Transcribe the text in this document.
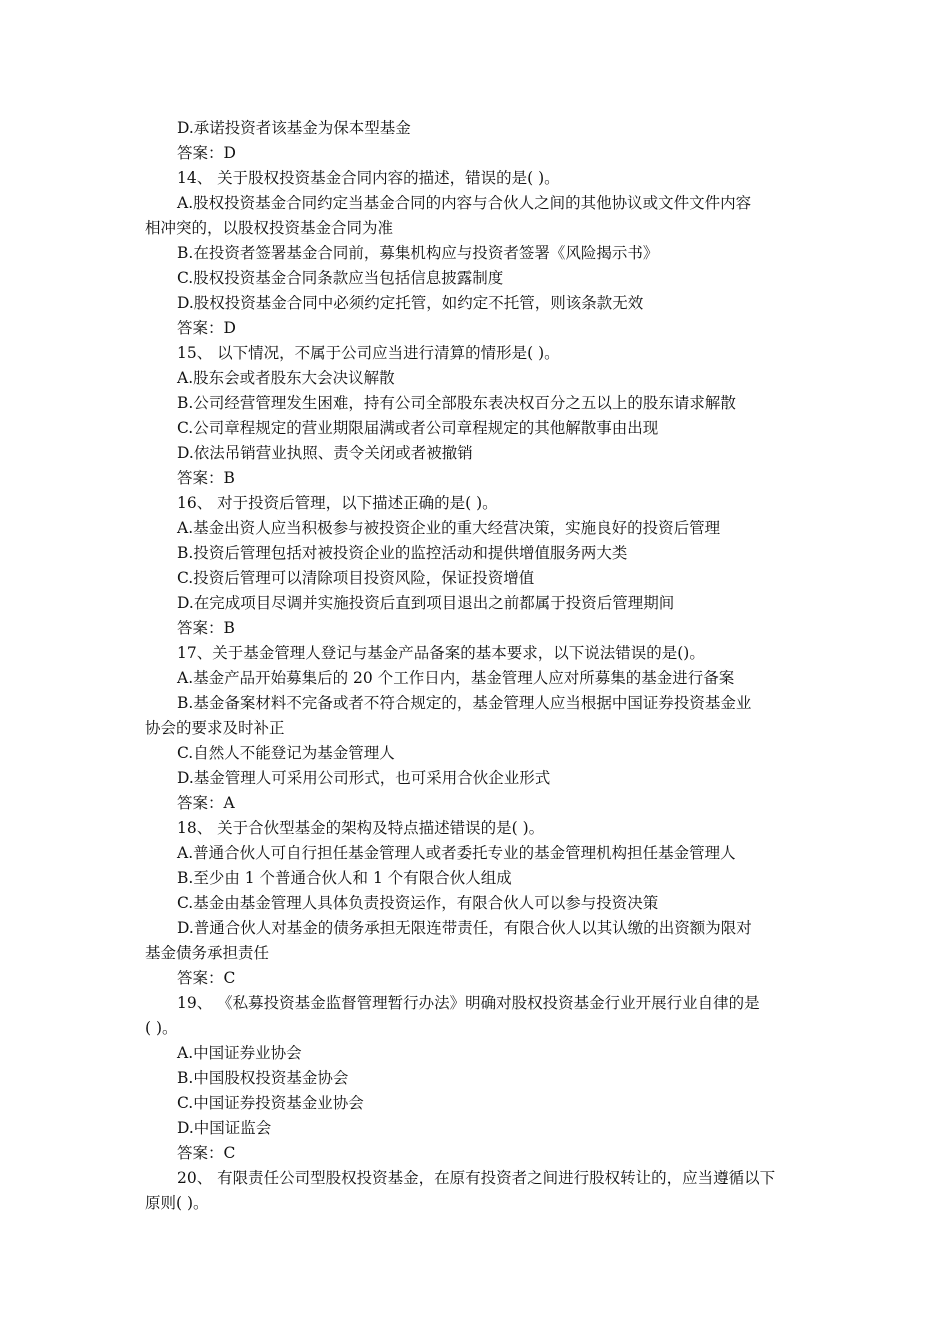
D.承诺投资者该基金为保本型基金
答案：D
14、 关于股权投资基金合同内容的描述，错误的是( )。
A.股权投资基金合同约定当基金合同的内容与合伙人之间的其他协议或文件文件内容
相冲突的，以股权投资基金合同为准
B.在投资者签署基金合同前，募集机构应与投资者签署《风险揭示书》
C.股权投资基金合同条款应当包括信息披露制度
D.股权投资基金合同中必须约定托管，如约定不托管，则该条款无效
答案：D
15、 以下情况，不属于公司应当进行清算的情形是( )。
A.股东会或者股东大会决议解散
B.公司经营管理发生困难，持有公司全部股东表决权百分之五以上的股东请求解散
C.公司章程规定的营业期限届满或者公司章程规定的其他解散事由出现
D.依法吊销营业执照、责令关闭或者被撤销
答案：B
16、 对于投资后管理，以下描述正确的是( )。
A.基金出资人应当积极参与被投资企业的重大经营决策，实施良好的投资后管理
B.投资后管理包括对被投资企业的监控活动和提供增值服务两大类
C.投资后管理可以清除项目投资风险，保证投资增值
D.在完成项目尽调并实施投资后直到项目退出之前都属于投资后管理期间
答案：B
17、关于基金管理人登记与基金产品备案的基本要求，以下说法错误的是()。
A.基金产品开始募集后的 20 个工作日内，基金管理人应对所募集的基金进行备案
B.基金备案材料不完备或者不符合规定的，基金管理人应当根据中国证券投资基金业
协会的要求及时补正
C.自然人不能登记为基金管理人
D.基金管理人可采用公司形式，也可采用合伙企业形式
答案：A
18、 关于合伙型基金的架构及特点描述错误的是( )。
A.普通合伙人可自行担任基金管理人或者委托专业的基金管理机构担任基金管理人
B.至少由 1 个普通合伙人和 1 个有限合伙人组成
C.基金由基金管理人具体负责投资运作，有限合伙人可以参与投资决策
D.普通合伙人对基金的债务承担无限连带责任，有限合伙人以其认缴的出资额为限对
基金债务承担责任
答案：C
19、 《私募投资基金监督管理暂行办法》明确对股权投资基金行业开展行业自律的是
( )。
A.中国证券业协会
B.中国股权投资基金协会
C.中国证券投资基金业协会
D.中国证监会
答案：C
20、 有限责任公司型股权投资基金，在原有投资者之间进行股权转让的，应当遵循以下
原则( )。
